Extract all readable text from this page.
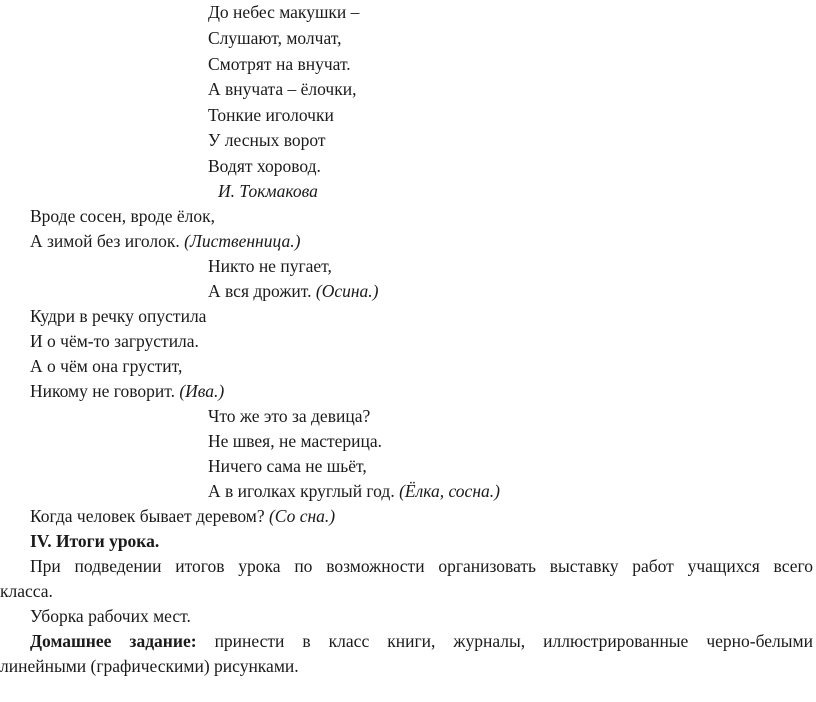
До небес макушки –
Слушают, молчат,
Смотрят на внучат.
А внучата – ёлочки,
Тонкие иголочки
У лесных ворот
Водят хоровод.
И. Токмакова
Вроде сосен, вроде ёлок,
А зимой без иголок. (Лиственница.)
Никто не пугает,
А вся дрожит. (Осина.)
Кудри в речку опустила
И о чём-то загрустила.
А о чём она грустит,
Никому не говорит. (Ива.)
Что же это за девица?
Не швея, не мастерица.
Ничего сама не шьёт,
А в иголках круглый год. (Ёлка, сосна.)
Когда человек бывает деревом? (Со сна.)
IV. Итоги урока.
При подведении итогов урока по возможности организовать выставку работ учащихся всего
класса.
Уборка рабочих мест.
Домашнее задание: принести в класс книги, журналы, иллюстрированные черно-белыми
линейными (графическими) рисунками.
